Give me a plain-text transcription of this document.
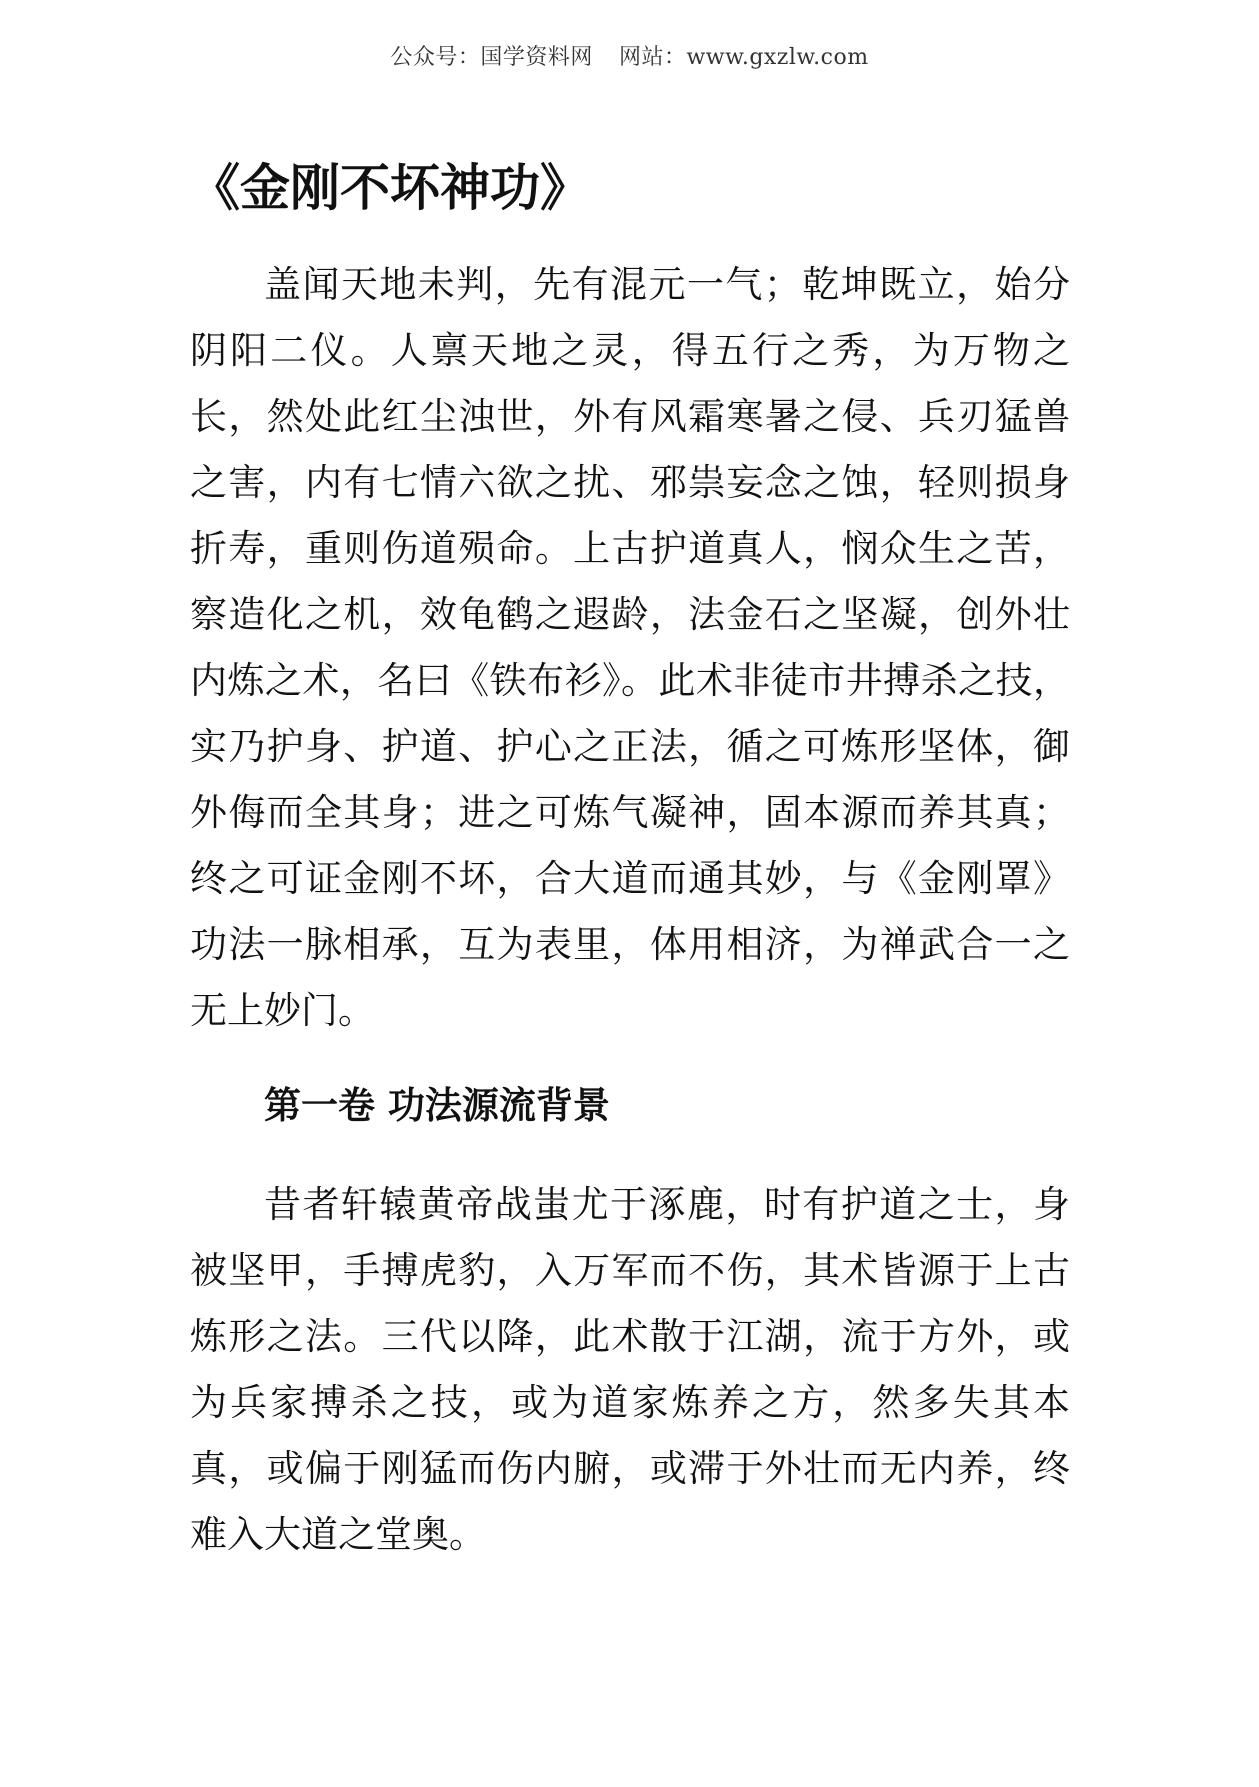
公众号：国学资料网 网站：www.gxzlw.com
《金刚不坏神功》

盖闻天地未判，先有混元一气；乾坤既立，始分阴阳二仪。人禀天地之灵，得五行之秀，为万物之长，然处此红尘浊世，外有风霜寒暑之侵、兵刃猛兽之害，内有七情六欲之扰、邪祟妄念之蚀，轻则损身折寿，重则伤道殒命。上古护道真人，悯众生之苦，察造化之机，效龟鹤之遐龄，法金石之坚凝，创外壮内炼之术，名曰《铁布衫》。此术非徒市井搏杀之技，实乃护身、护道、护心之正法，循之可炼形坚体，御外侮而全其身；进之可炼气凝神，固本源而养其真；终之可证金刚不坏，合大道而通其妙，与《金刚罩》功法一脉相承，互为表里，体用相济，为禅武合一之无上妙门。

第一卷 功法源流背景

昔者轩辕黄帝战蚩尤于涿鹿，时有护道之士，身被坚甲，手搏虎豹，入万军而不伤，其术皆源于上古炼形之法。三代以降，此术散于江湖，流于方外，或为兵家搏杀之技，或为道家炼养之方，然多失其本真，或偏于刚猛而伤内腑，或滞于外壮而无内养，终难入大道之堂奥。
